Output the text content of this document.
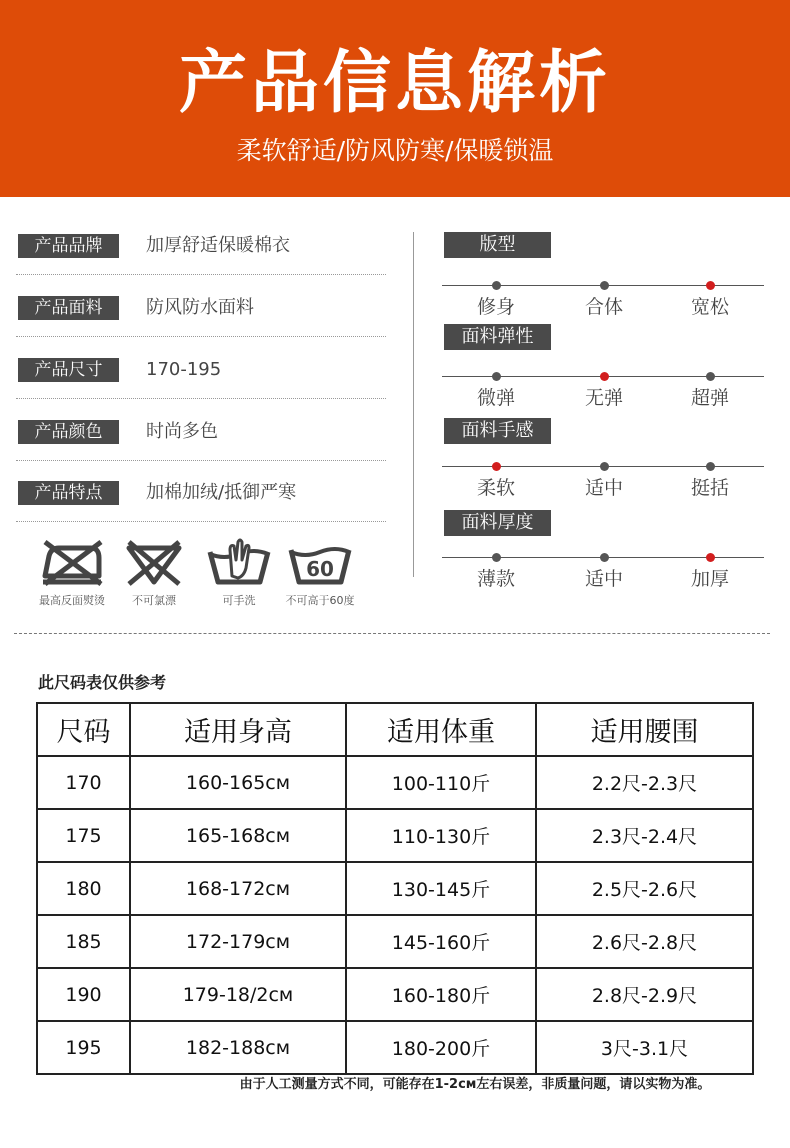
产品信息解析
柔软舒适/防风防寒/保暖锁温
产品品牌	加厚舒适保暖棉衣
产品面料	防风防水面料
产品尺寸	170-195
产品颜色	时尚多色
产品特点	加棉加绒/抵御严寒
最高反面熨烫	不可氯漂	可手洗
60
不可高于60度
版型
修身	合体	宽松
面料弹性
微弹	无弹	超弹
面料手感
柔软	适中	挺括
面料厚度
薄款	适中	加厚
此尺码表仅供参考
尺码	适用身高	适用体重	适用腰围
170	160-165cм	100-110斤	2.2尺-2.3尺
175	165-168cм	110-130斤	2.3尺-2.4尺
180	168-172cм	130-145斤	2.5尺-2.6尺
185	172-179cм	145-160斤	2.6尺-2.8尺
190	179-18/2cм	160-180斤	2.8尺-2.9尺
195	182-188cм	180-200斤	3尺-3.1尺
由于人工测量方式不同，可能存在1-2cм左右误差，非质量问题，请以实物为准。
